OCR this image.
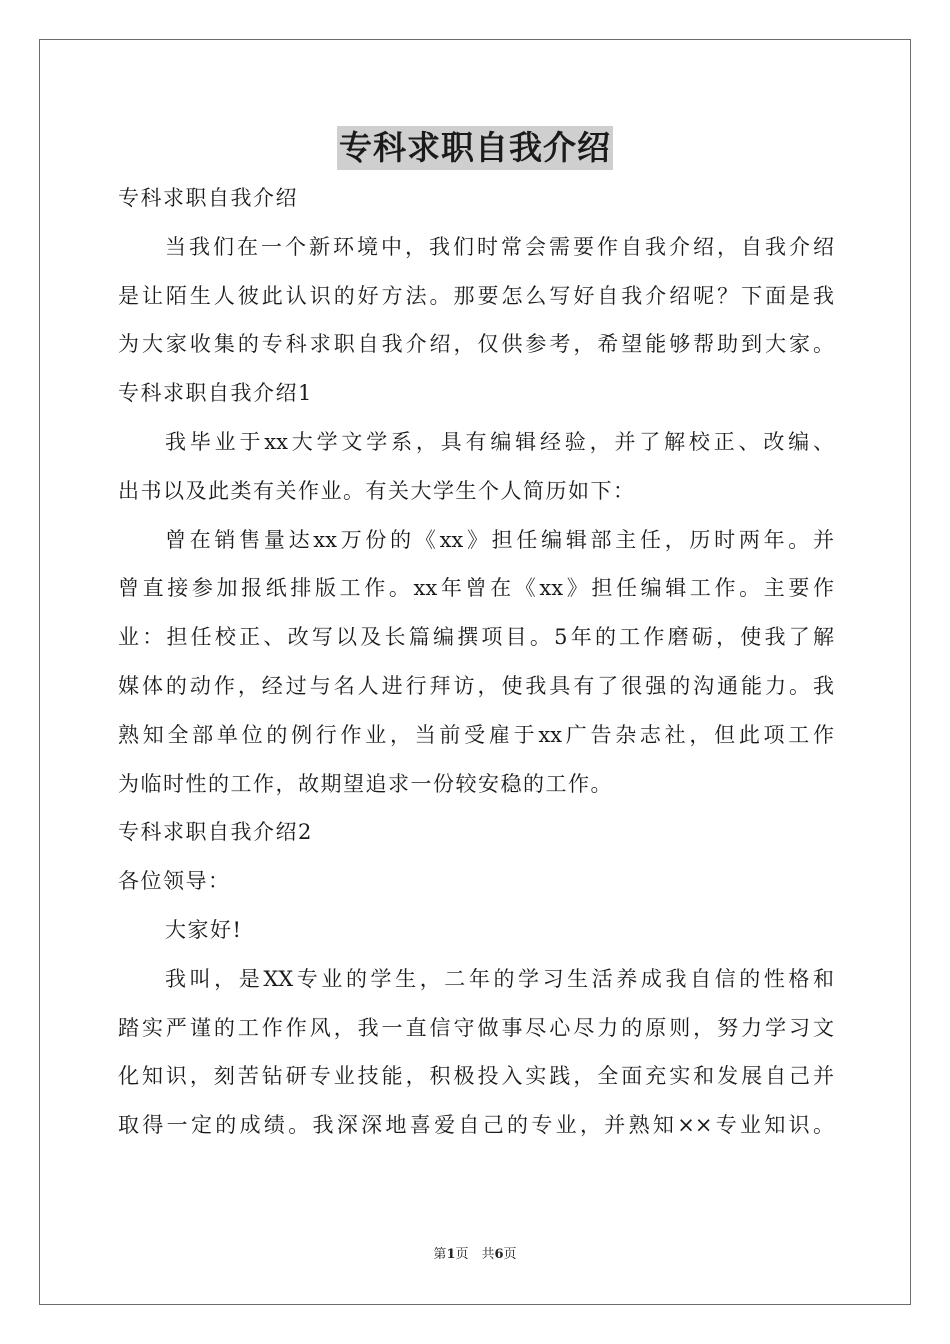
专科求职自我介绍
专科求职自我介绍
当我们在一个新环境中，我们时常会需要作自我介绍，自我介绍
是让陌生人彼此认识的好方法。那要怎么写好自我介绍呢？下面是我
为大家收集的专科求职自我介绍，仅供参考，希望能够帮助到大家。
专科求职自我介绍1
我毕业于xx大学文学系，具有编辑经验，并了解校正、改编、
出书以及此类有关作业。有关大学生个人简历如下：
曾在销售量达xx万份的《xx》担任编辑部主任，历时两年。并
曾直接参加报纸排版工作。xx年曾在《xx》担任编辑工作。主要作
业：担任校正、改写以及长篇编撰项目。5年的工作磨砺，使我了解
媒体的动作，经过与名人进行拜访，使我具有了很强的沟通能力。我
熟知全部单位的例行作业，当前受雇于xx广告杂志社，但此项工作
为临时性的工作，故期望追求一份较安稳的工作。
专科求职自我介绍2
各位领导：
大家好!
我叫，是XX专业的学生，二年的学习生活养成我自信的性格和
踏实严谨的工作作风，我一直信守做事尽心尽力的原则，努力学习文
化知识，刻苦钻研专业技能，积极投入实践，全面充实和发展自己并
取得一定的成绩。我深深地喜爱自己的专业，并熟知××专业知识。
第1页　共6页
